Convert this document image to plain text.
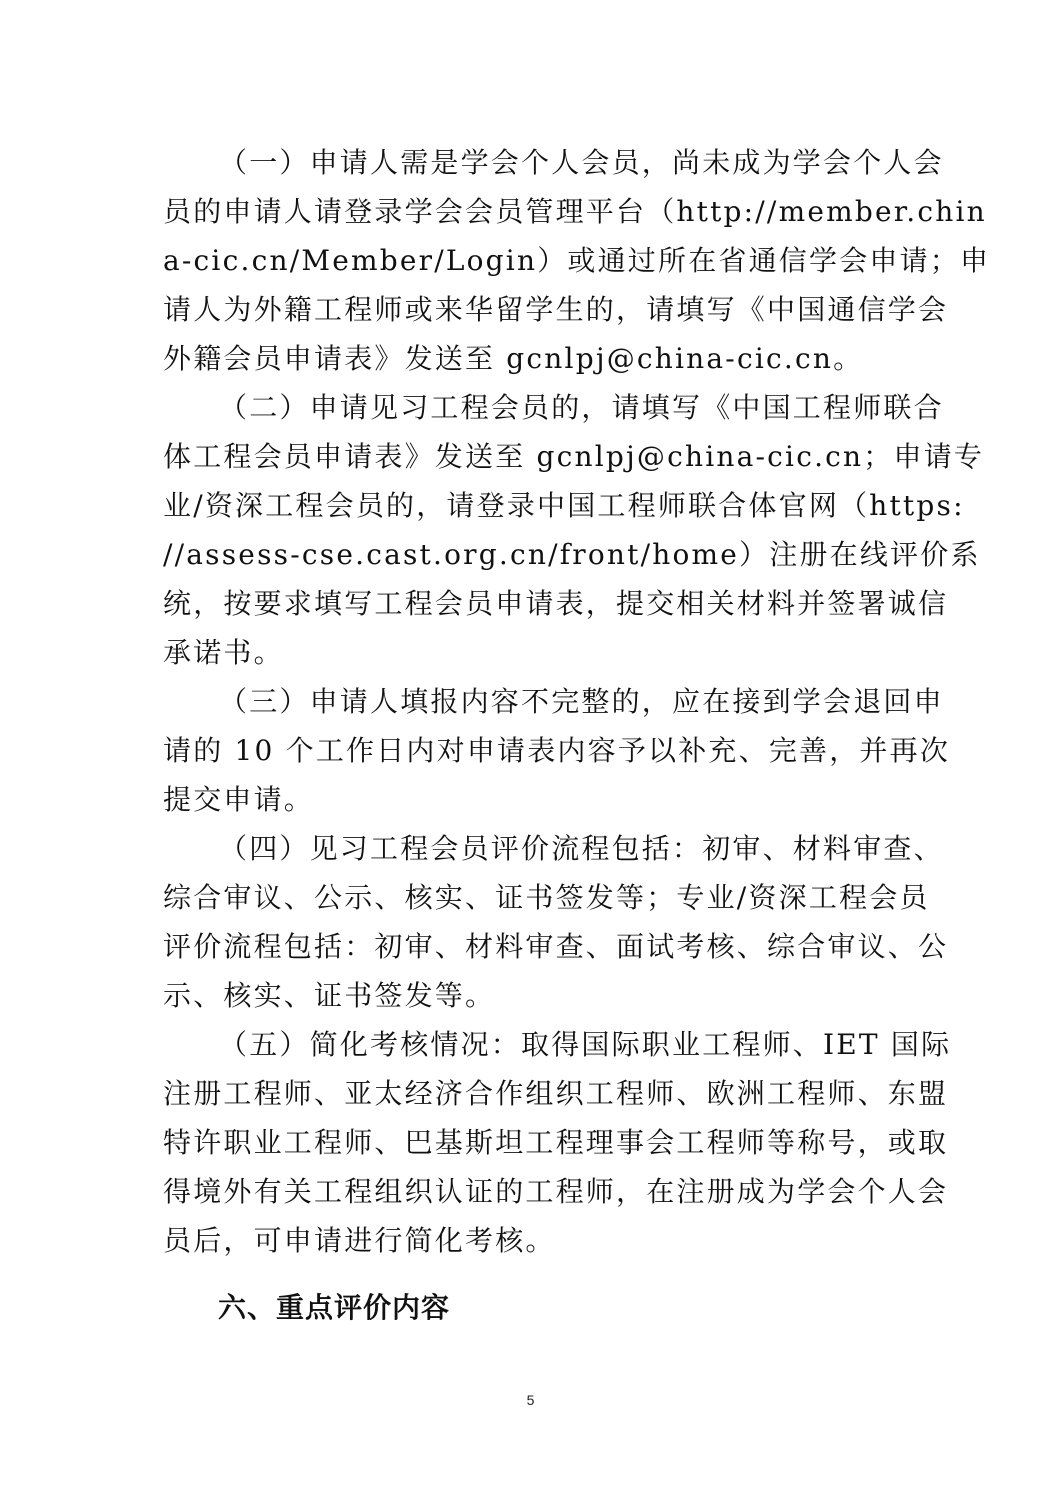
（一）申请人需是学会个人会员，尚未成为学会个人会
员的申请人请登录学会会员管理平台（http://member.chin
a-cic.cn/Member/Login）或通过所在省通信学会申请；申
请人为外籍工程师或来华留学生的，请填写《中国通信学会
外籍会员申请表》发送至 gcnlpj@china-cic.cn。
（二）申请见习工程会员的，请填写《中国工程师联合
体工程会员申请表》发送至 gcnlpj@china-cic.cn；申请专
业/资深工程会员的，请登录中国工程师联合体官网（https:
//assess-cse.cast.org.cn/front/home）注册在线评价系
统，按要求填写工程会员申请表，提交相关材料并签署诚信
承诺书。
（三）申请人填报内容不完整的，应在接到学会退回申
请的 10 个工作日内对申请表内容予以补充、完善，并再次
提交申请。
（四）见习工程会员评价流程包括：初审、材料审查、
综合审议、公示、核实、证书签发等；专业/资深工程会员
评价流程包括：初审、材料审查、面试考核、综合审议、公
示、核实、证书签发等。
（五）简化考核情况：取得国际职业工程师、IET 国际
注册工程师、亚太经济合作组织工程师、欧洲工程师、东盟
特许职业工程师、巴基斯坦工程理事会工程师等称号，或取
得境外有关工程组织认证的工程师，在注册成为学会个人会
员后，可申请进行简化考核。
六、重点评价内容
5
